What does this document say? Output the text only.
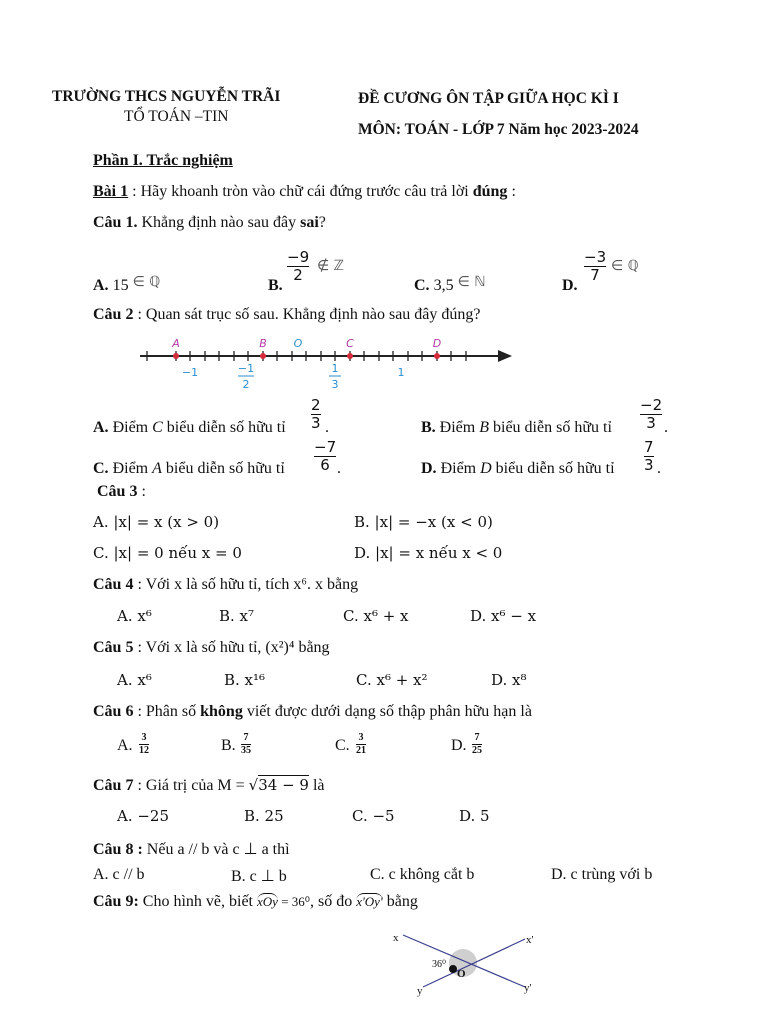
TRƯỜNG THCS NGUYỄN TRÃI
TỔ TOÁN –TIN
ĐỀ CƯƠNG ÔN TẬP GIỮA HỌC KÌ I
MÔN: TOÁN - LỚP 7 Năm học 2023-2024
Phần I. Trắc nghiệm
Bài 1 : Hãy khoanh tròn vào chữ cái đứng trước câu trả lời đúng :
Câu 1. Khẳng định nào sau đây sai?
A. 15 ∈ ℚ	B.
−9
2 ∉ ℤ
C. 3,5 ∈ ℕ	D.
−3
7 ∈ ℚ
Câu 2 : Quan sát trục số sau. Khẳng định nào sau đây đúng?
A	B	C	D
O
−1	−1
2
1
3
1
A. Điểm C biểu diễn số hữu tỉ
2
3 .	B. Điểm B biểu diễn số hữu tỉ
−2
3 .
C. Điểm A biểu diễn số hữu tỉ
−7
6 .	D. Điểm D biểu diễn số hữu tỉ
7
3 .
Câu 3 :
A. |x| = x (x > 0)	B. |x| = −x (x < 0)
C. |x| = 0 nếu x = 0	D. |x| = x nếu x < 0
Câu 4 : Với x là số hữu tỉ, tích x⁶. x bằng
A. x⁶	B. x⁷	C. x⁶ + x	D. x⁶ − x
Câu 5 : Với x là số hữu tỉ, (x²)⁴ bằng
A. x⁶	B. x¹⁶	C. x⁶ + x²	D. x⁸
Câu 6 : Phân số không viết được dưới dạng số thập phân hữu hạn là
A. 3
12	B. 7
35	C. 3
21	D. 7
25
Câu 7 : Giá trị của M = √34 − 9 là
A. −25	B. 25	C. −5	D. 5
Câu 8 : Nếu a // b và c ⊥ a thì
A. c // b	B. c ⊥ b	C. c không cắt b	D. c trùng với b
Câu 9: Cho hình vẽ, biết xOy = 36⁰, số đo x'Oy' bằng
x	x'
y	y'
O
36⁰
